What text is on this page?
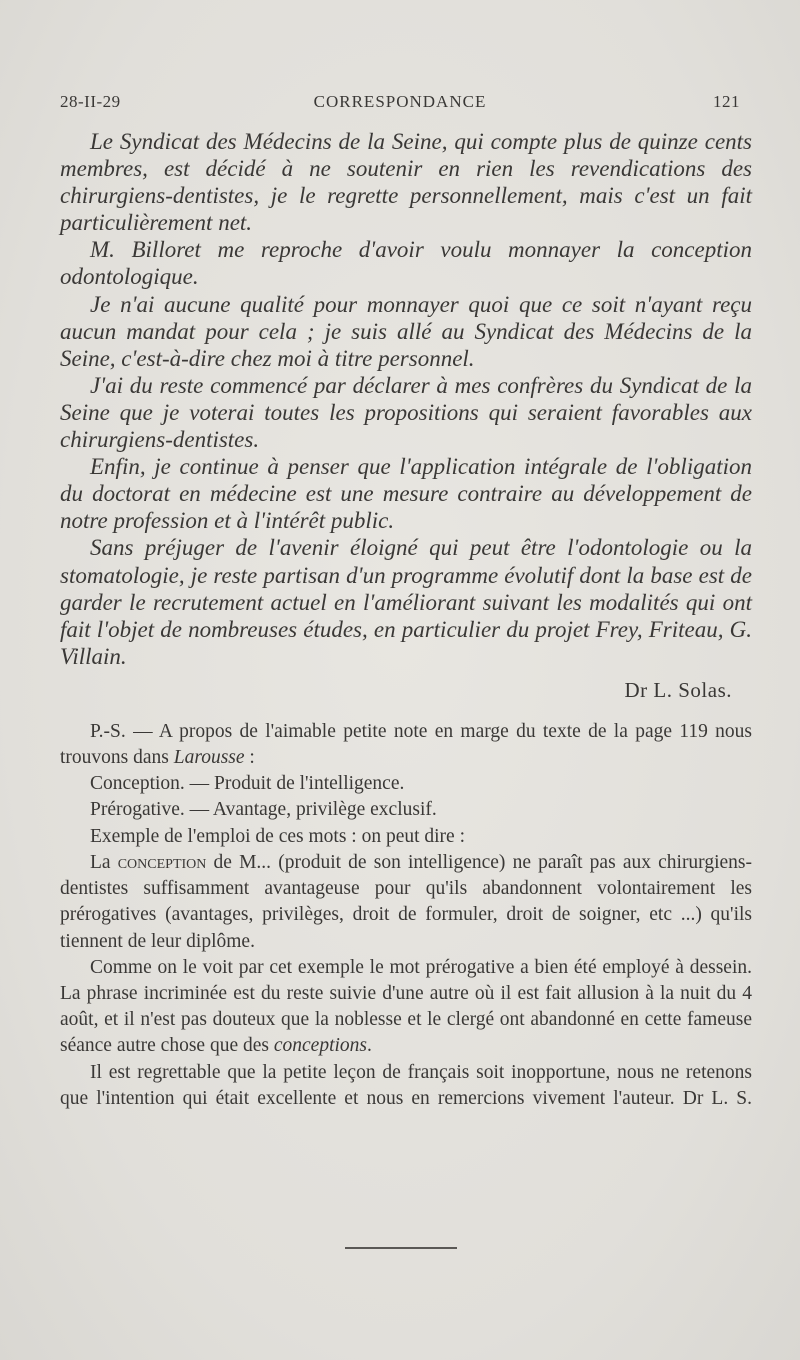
28-II-29	CORRESPONDANCE	121

Le Syndicat des Médecins de la Seine, qui compte plus de quinze cents membres, est décidé à ne soutenir en rien les revendications des chirurgiens-dentistes, je le regrette personnellement, mais c'est un fait particulièrement net.

M. Billoret me reproche d'avoir voulu monnayer la conception odontologique.

Je n'ai aucune qualité pour monnayer quoi que ce soit n'ayant reçu aucun mandat pour cela ; je suis allé au Syndicat des Médecins de la Seine, c'est-à-dire chez moi à titre personnel.

J'ai du reste commencé par déclarer à mes confrères du Syndicat de la Seine que je voterai toutes les propositions qui seraient favorables aux chirurgiens-dentistes.

Enfin, je continue à penser que l'application intégrale de l'obligation du doctorat en médecine est une mesure contraire au développement de notre profession et à l'intérêt public.

Sans préjuger de l'avenir éloigné qui peut être l'odontologie ou la stomatologie, je reste partisan d'un programme évolutif dont la base est de garder le recrutement actuel en l'améliorant suivant les modalités qui ont fait l'objet de nombreuses études, en particulier du projet Frey, Friteau, G. Villain.

Dr L. Solas.

P.-S. — A propos de l'aimable petite note en marge du texte de la page 119 nous trouvons dans Larousse :

Conception. — Produit de l'intelligence.

Prérogative. — Avantage, privilège exclusif.

Exemple de l'emploi de ces mots : on peut dire :

La conception de M... (produit de son intelligence) ne paraît pas aux chirurgiens-dentistes suffisamment avantageuse pour qu'ils abandonnent volontairement les prérogatives (avantages, privilèges, droit de formuler, droit de soigner, etc ...) qu'ils tiennent de leur diplôme.

Comme on le voit par cet exemple le mot prérogative a bien été employé à dessein. La phrase incriminée est du reste suivie d'une autre où il est fait allusion à la nuit du 4 août, et il n'est pas douteux que la noblesse et le clergé ont abandonné en cette fameuse séance autre chose que des conceptions.

Il est regrettable que la petite leçon de français soit inopportune, nous ne retenons que l'intention qui était excellente et nous en remercions vivement l'auteur. Dr L. S.
